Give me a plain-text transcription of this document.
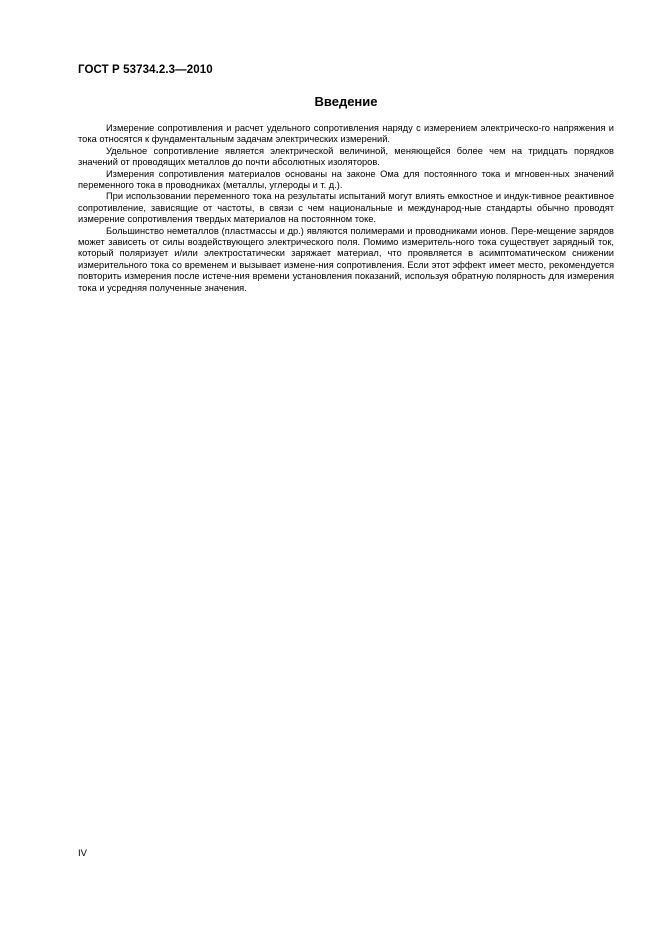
ГОСТ Р 53734.2.3—2010
Введение

Измерение сопротивления и расчет удельного сопротивления наряду с измерением электрическо-го напряжения и тока относятся к фундаментальным задачам электрических измерений.

Удельное сопротивление является электрической величиной, меняющейся более чем на тридцать порядков значений от проводящих металлов до почти абсолютных изоляторов.

Измерения сопротивления материалов основаны на законе Ома для постоянного тока и мгновен-ных значений переменного тока в проводниках (металлы, углероды и т. д.).

При использовании переменного тока на результаты испытаний могут влиять емкостное и индук-тивное реактивное сопротивление, зависящие от частоты, в связи с чем национальные и международ-ные стандарты обычно проводят измерение сопротивления твердых материалов на постоянном токе.

Большинство неметаллов (пластмассы и др.) являются полимерами и проводниками ионов. Пере-мещение зарядов может зависеть от силы воздействующего электрического поля. Помимо измеритель-ного тока существует зарядный ток, который поляризует и/или электростатически заряжает материал, что проявляется в асимптоматическом снижении измерительного тока со временем и вызывает измене-ния сопротивления. Если этот эффект имеет место, рекомендуется повторить измерения после истече-ния времени установления показаний, используя обратную полярность для измерения тока и усредняя полученные значения.

IV
